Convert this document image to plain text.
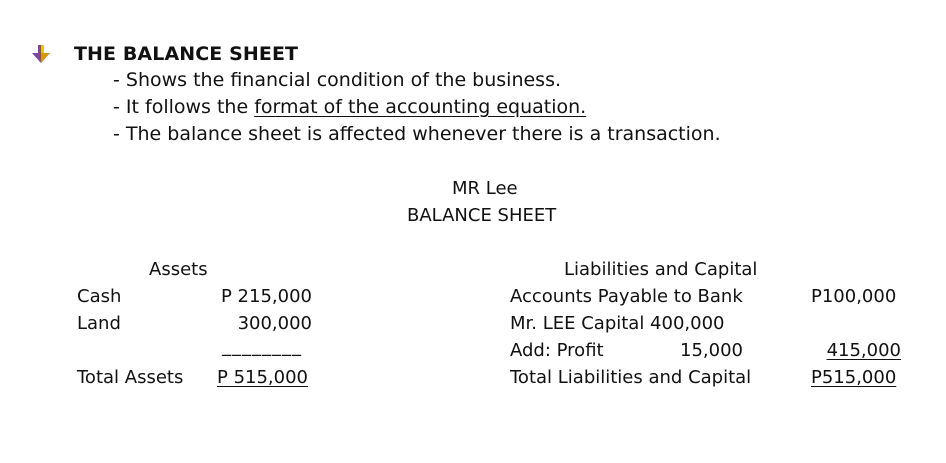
THE BALANCE SHEET
- Shows the financial condition of the business.
- It follows the format of the accounting equation.
- The balance sheet is affected whenever there is a transaction.
MR Lee
BALANCE SHEET
Assets
Cash	P 215,000
Land	300,000
________
Total Assets P 515,000
Liabilities and Capital
Accounts Payable to Bank	P100,000
Mr. LEE Capital 400,000
Add: Profit	15,000	415,000
Total Liabilities and Capital	P515,000
